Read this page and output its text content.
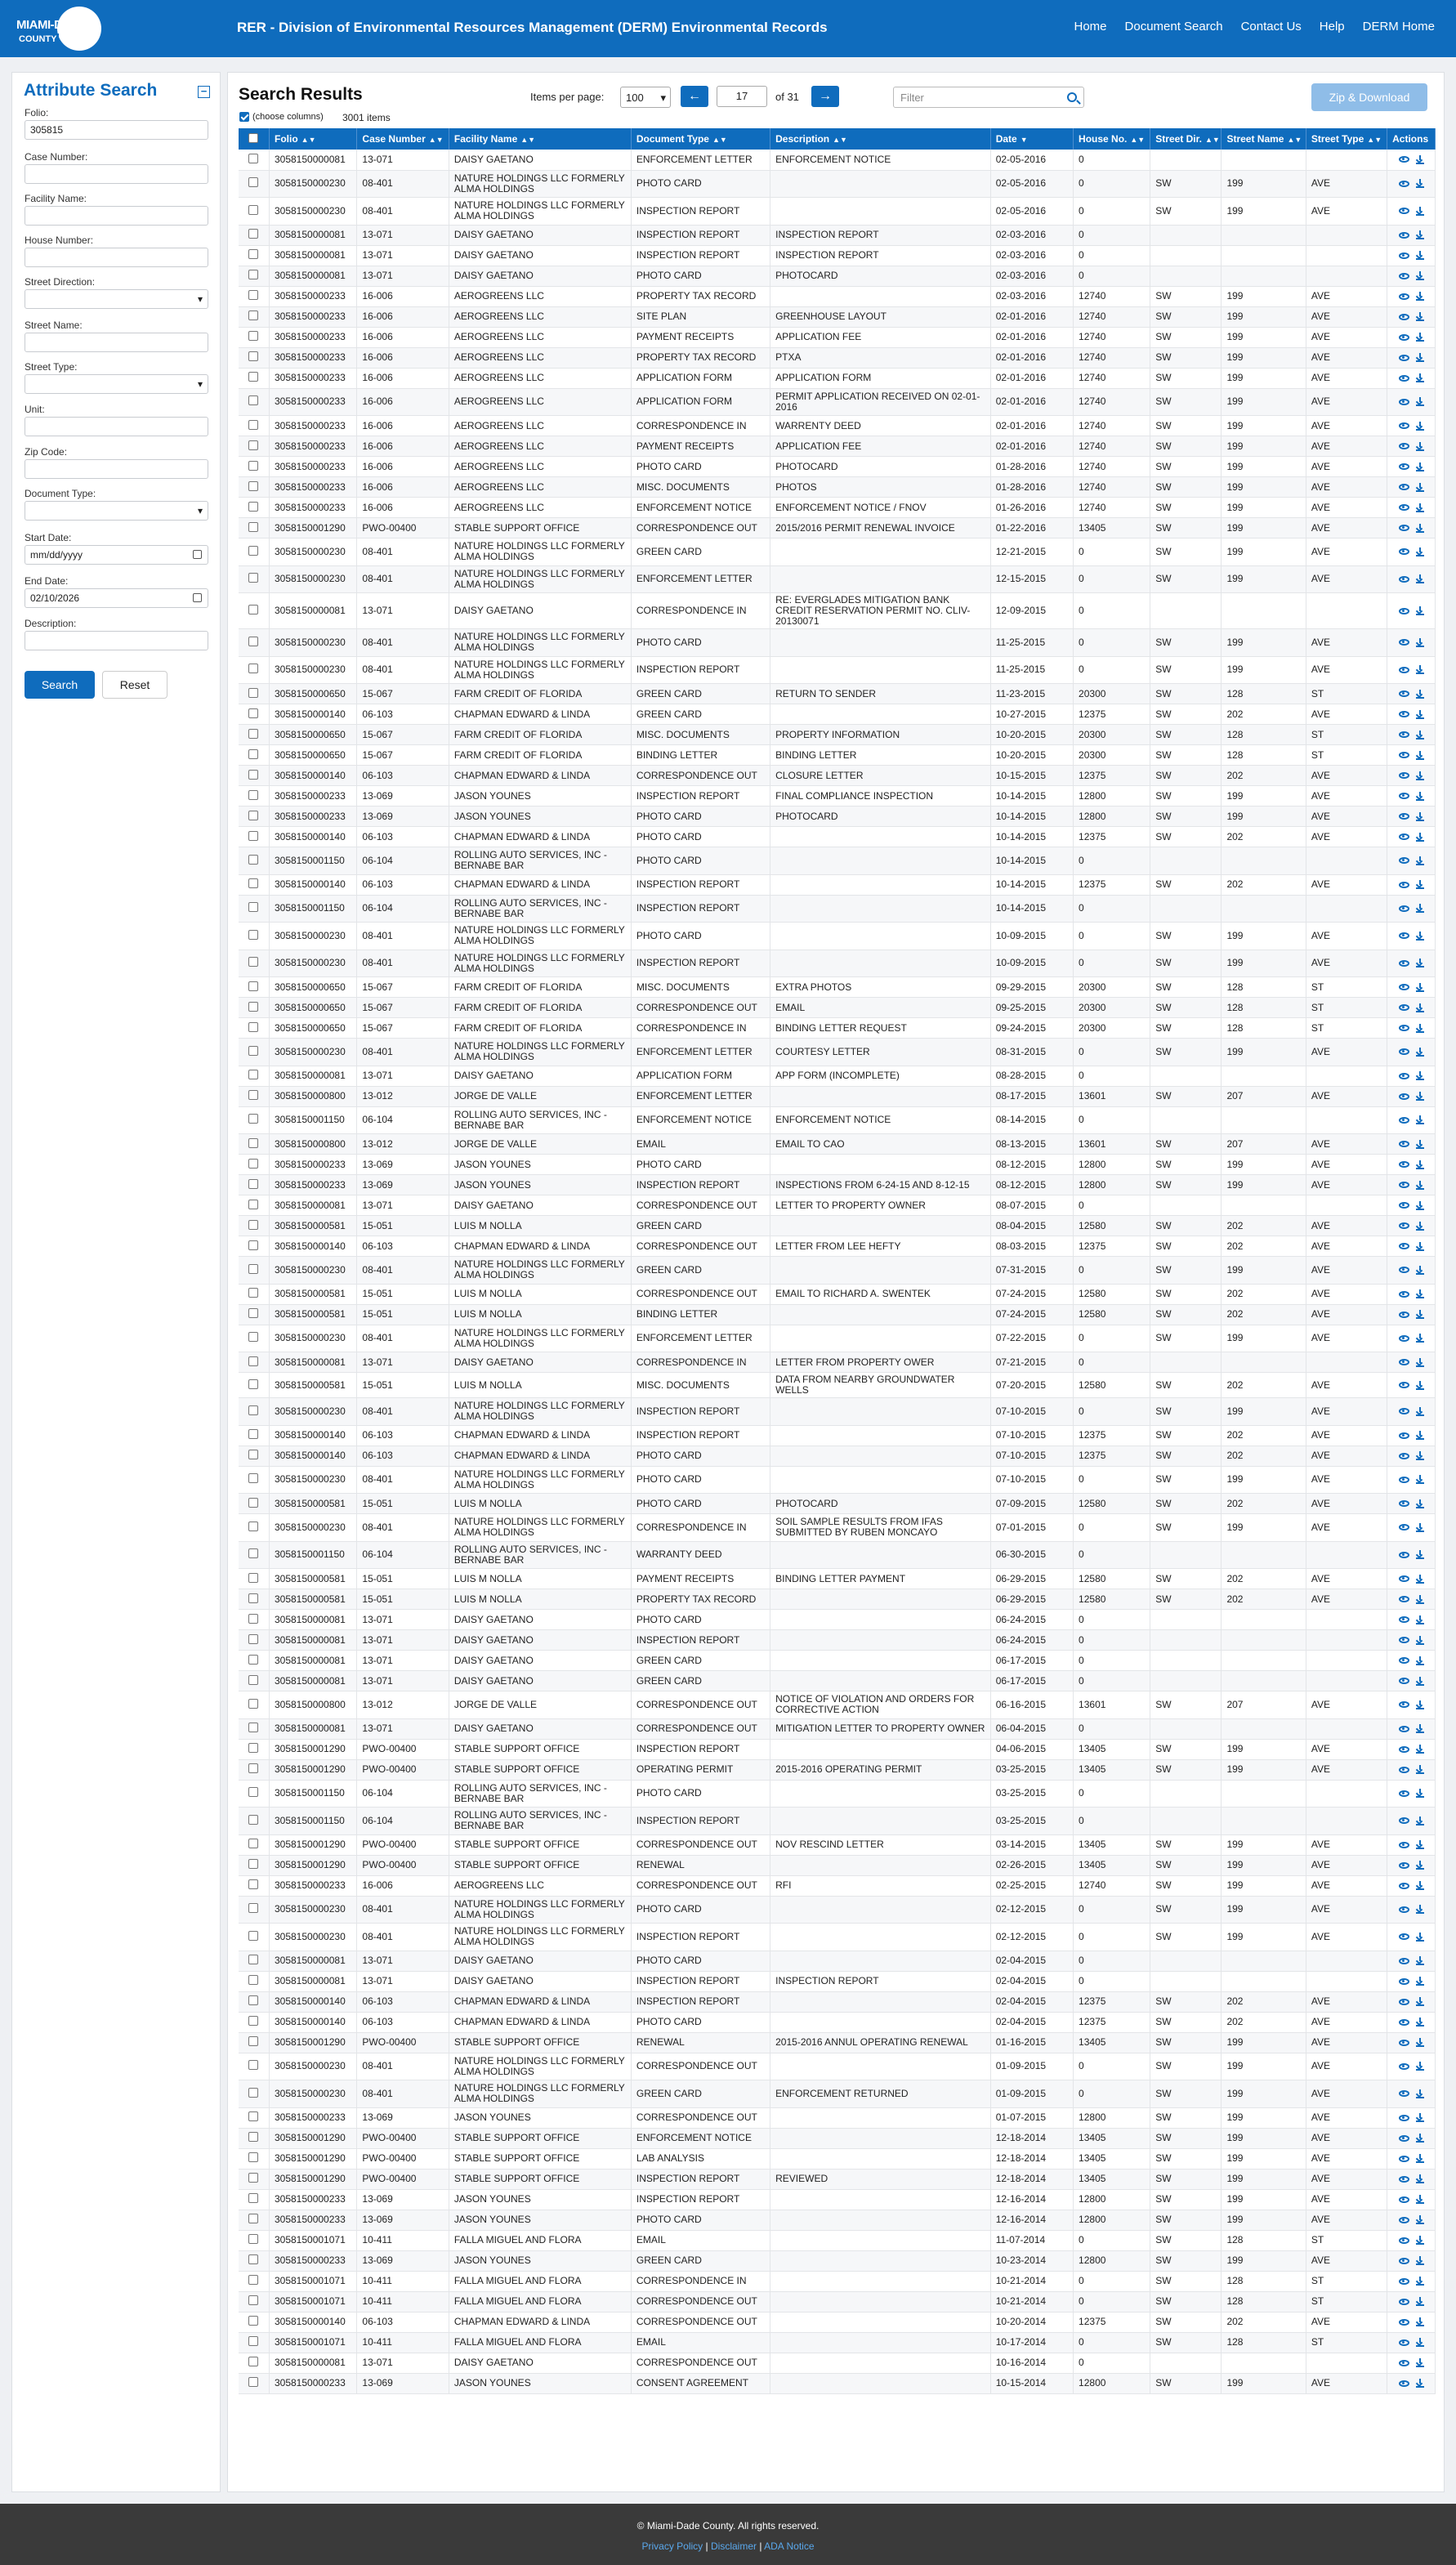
MIAMI-DADE
COUNTY
RER - Division of Environmental Resources Management (DERM) Environmental Records	Home Document Search Contact Us Help DERM Home
Attribute Search	−
Folio:
305815
Case Number:
Facility Name:
House Number:
Street Direction:
▾
Street Name:
Street Type:
▾
Unit:
Zip Code:
Document Type:
▾
Start Date:
mm/dd/yyyy
End Date:
02/10/2026
Description:
Search	Reset
Search Results
(choose columns) 3001 items
Items per page:	100 ▾	←	17	of 31	→	Filter	Zip & Download
	Folio ▲▼	Case Number ▲▼	Facility Name ▲▼	Document Type ▲▼	Description ▲▼	Date ▼	House No. ▲▼	Street Dir. ▲▼	Street Name ▲▼	Street Type ▲▼	Actions
	3058150000081	13-071	DAISY GAETANO	ENFORCEMENT LETTER	ENFORCEMENT NOTICE	02-05-2016	0				

	3058150000230	08-401	NATURE HOLDINGS LLC FORMERLY ALMA HOLDINGS	PHOTO CARD		02-05-2016	0	SW	199	AVE	

	3058150000230	08-401	NATURE HOLDINGS LLC FORMERLY ALMA HOLDINGS	INSPECTION REPORT		02-05-2016	0	SW	199	AVE	

	3058150000081	13-071	DAISY GAETANO	INSPECTION REPORT	INSPECTION REPORT	02-03-2016	0				

	3058150000081	13-071	DAISY GAETANO	INSPECTION REPORT	INSPECTION REPORT	02-03-2016	0				

	3058150000081	13-071	DAISY GAETANO	PHOTO CARD	PHOTOCARD	02-03-2016	0				

	3058150000233	16-006	AEROGREENS LLC	PROPERTY TAX RECORD		02-03-2016	12740	SW	199	AVE	

	3058150000233	16-006	AEROGREENS LLC	SITE PLAN	GREENHOUSE LAYOUT	02-01-2016	12740	SW	199	AVE	

	3058150000233	16-006	AEROGREENS LLC	PAYMENT RECEIPTS	APPLICATION FEE	02-01-2016	12740	SW	199	AVE	

	3058150000233	16-006	AEROGREENS LLC	PROPERTY TAX RECORD	PTXA	02-01-2016	12740	SW	199	AVE	

	3058150000233	16-006	AEROGREENS LLC	APPLICATION FORM	APPLICATION FORM	02-01-2016	12740	SW	199	AVE	

	3058150000233	16-006	AEROGREENS LLC	APPLICATION FORM	PERMIT APPLICATION RECEIVED ON 02-01-2016	02-01-2016	12740	SW	199	AVE	

	3058150000233	16-006	AEROGREENS LLC	CORRESPONDENCE IN	WARRENTY DEED	02-01-2016	12740	SW	199	AVE	

	3058150000233	16-006	AEROGREENS LLC	PAYMENT RECEIPTS	APPLICATION FEE	02-01-2016	12740	SW	199	AVE	

	3058150000233	16-006	AEROGREENS LLC	PHOTO CARD	PHOTOCARD	01-28-2016	12740	SW	199	AVE	

	3058150000233	16-006	AEROGREENS LLC	MISC. DOCUMENTS	PHOTOS	01-28-2016	12740	SW	199	AVE	

	3058150000233	16-006	AEROGREENS LLC	ENFORCEMENT NOTICE	ENFORCEMENT NOTICE / FNOV	01-26-2016	12740	SW	199	AVE	

	3058150001290	PWO-00400	STABLE SUPPORT OFFICE	CORRESPONDENCE OUT	2015/2016 PERMIT RENEWAL INVOICE	01-22-2016	13405	SW	199	AVE	

	3058150000230	08-401	NATURE HOLDINGS LLC FORMERLY ALMA HOLDINGS	GREEN CARD		12-21-2015	0	SW	199	AVE	

	3058150000230	08-401	NATURE HOLDINGS LLC FORMERLY ALMA HOLDINGS	ENFORCEMENT LETTER		12-15-2015	0	SW	199	AVE	

	3058150000081	13-071	DAISY GAETANO	CORRESPONDENCE IN	RE: EVERGLADES MITIGATION BANK CREDIT RESERVATION PERMIT NO. CLIV-20130071	12-09-2015	0				

	3058150000230	08-401	NATURE HOLDINGS LLC FORMERLY ALMA HOLDINGS	PHOTO CARD		11-25-2015	0	SW	199	AVE	

	3058150000230	08-401	NATURE HOLDINGS LLC FORMERLY ALMA HOLDINGS	INSPECTION REPORT		11-25-2015	0	SW	199	AVE	

	3058150000650	15-067	FARM CREDIT OF FLORIDA	GREEN CARD	RETURN TO SENDER	11-23-2015	20300	SW	128	ST	

	3058150000140	06-103	CHAPMAN EDWARD & LINDA	GREEN CARD		10-27-2015	12375	SW	202	AVE	

	3058150000650	15-067	FARM CREDIT OF FLORIDA	MISC. DOCUMENTS	PROPERTY INFORMATION	10-20-2015	20300	SW	128	ST	

	3058150000650	15-067	FARM CREDIT OF FLORIDA	BINDING LETTER	BINDING LETTER	10-20-2015	20300	SW	128	ST	

	3058150000140	06-103	CHAPMAN EDWARD & LINDA	CORRESPONDENCE OUT	CLOSURE LETTER	10-15-2015	12375	SW	202	AVE	

	3058150000233	13-069	JASON YOUNES	INSPECTION REPORT	FINAL COMPLIANCE INSPECTION	10-14-2015	12800	SW	199	AVE	

	3058150000233	13-069	JASON YOUNES	PHOTO CARD	PHOTOCARD	10-14-2015	12800	SW	199	AVE	

	3058150000140	06-103	CHAPMAN EDWARD & LINDA	PHOTO CARD		10-14-2015	12375	SW	202	AVE	

	3058150001150	06-104	ROLLING AUTO SERVICES, INC - BERNABE BAR	PHOTO CARD		10-14-2015	0				

	3058150000140	06-103	CHAPMAN EDWARD & LINDA	INSPECTION REPORT		10-14-2015	12375	SW	202	AVE	

	3058150001150	06-104	ROLLING AUTO SERVICES, INC - BERNABE BAR	INSPECTION REPORT		10-14-2015	0				

	3058150000230	08-401	NATURE HOLDINGS LLC FORMERLY ALMA HOLDINGS	PHOTO CARD		10-09-2015	0	SW	199	AVE	

	3058150000230	08-401	NATURE HOLDINGS LLC FORMERLY ALMA HOLDINGS	INSPECTION REPORT		10-09-2015	0	SW	199	AVE	

	3058150000650	15-067	FARM CREDIT OF FLORIDA	MISC. DOCUMENTS	EXTRA PHOTOS	09-29-2015	20300	SW	128	ST	

	3058150000650	15-067	FARM CREDIT OF FLORIDA	CORRESPONDENCE OUT	EMAIL	09-25-2015	20300	SW	128	ST	

	3058150000650	15-067	FARM CREDIT OF FLORIDA	CORRESPONDENCE IN	BINDING LETTER REQUEST	09-24-2015	20300	SW	128	ST	

	3058150000230	08-401	NATURE HOLDINGS LLC FORMERLY ALMA HOLDINGS	ENFORCEMENT LETTER	COURTESY LETTER	08-31-2015	0	SW	199	AVE	

	3058150000081	13-071	DAISY GAETANO	APPLICATION FORM	APP FORM (INCOMPLETE)	08-28-2015	0				

	3058150000800	13-012	JORGE DE VALLE	ENFORCEMENT LETTER		08-17-2015	13601	SW	207	AVE	

	3058150001150	06-104	ROLLING AUTO SERVICES, INC - BERNABE BAR	ENFORCEMENT NOTICE	ENFORCEMENT NOTICE	08-14-2015	0				

	3058150000800	13-012	JORGE DE VALLE	EMAIL	EMAIL TO CAO	08-13-2015	13601	SW	207	AVE	

	3058150000233	13-069	JASON YOUNES	PHOTO CARD		08-12-2015	12800	SW	199	AVE	

	3058150000233	13-069	JASON YOUNES	INSPECTION REPORT	INSPECTIONS FROM 6-24-15 AND 8-12-15	08-12-2015	12800	SW	199	AVE	

	3058150000081	13-071	DAISY GAETANO	CORRESPONDENCE OUT	LETTER TO PROPERTY OWNER	08-07-2015	0				

	3058150000581	15-051	LUIS M NOLLA	GREEN CARD		08-04-2015	12580	SW	202	AVE	

	3058150000140	06-103	CHAPMAN EDWARD & LINDA	CORRESPONDENCE OUT	LETTER FROM LEE HEFTY	08-03-2015	12375	SW	202	AVE	

	3058150000230	08-401	NATURE HOLDINGS LLC FORMERLY ALMA HOLDINGS	GREEN CARD		07-31-2015	0	SW	199	AVE	

	3058150000581	15-051	LUIS M NOLLA	CORRESPONDENCE OUT	EMAIL TO RICHARD A. SWENTEK	07-24-2015	12580	SW	202	AVE	

	3058150000581	15-051	LUIS M NOLLA	BINDING LETTER		07-24-2015	12580	SW	202	AVE	

	3058150000230	08-401	NATURE HOLDINGS LLC FORMERLY ALMA HOLDINGS	ENFORCEMENT LETTER		07-22-2015	0	SW	199	AVE	

	3058150000081	13-071	DAISY GAETANO	CORRESPONDENCE IN	LETTER FROM PROPERTY OWER	07-21-2015	0				

	3058150000581	15-051	LUIS M NOLLA	MISC. DOCUMENTS	DATA FROM NEARBY GROUNDWATER WELLS	07-20-2015	12580	SW	202	AVE	

	3058150000230	08-401	NATURE HOLDINGS LLC FORMERLY ALMA HOLDINGS	INSPECTION REPORT		07-10-2015	0	SW	199	AVE	

	3058150000140	06-103	CHAPMAN EDWARD & LINDA	INSPECTION REPORT		07-10-2015	12375	SW	202	AVE	

	3058150000140	06-103	CHAPMAN EDWARD & LINDA	PHOTO CARD		07-10-2015	12375	SW	202	AVE	

	3058150000230	08-401	NATURE HOLDINGS LLC FORMERLY ALMA HOLDINGS	PHOTO CARD		07-10-2015	0	SW	199	AVE	

	3058150000581	15-051	LUIS M NOLLA	PHOTO CARD	PHOTOCARD	07-09-2015	12580	SW	202	AVE	

	3058150000230	08-401	NATURE HOLDINGS LLC FORMERLY ALMA HOLDINGS	CORRESPONDENCE IN	SOIL SAMPLE RESULTS FROM IFAS SUBMITTED BY RUBEN MONCAYO	07-01-2015	0	SW	199	AVE	

	3058150001150	06-104	ROLLING AUTO SERVICES, INC - BERNABE BAR	WARRANTY DEED		06-30-2015	0				

	3058150000581	15-051	LUIS M NOLLA	PAYMENT RECEIPTS	BINDING LETTER PAYMENT	06-29-2015	12580	SW	202	AVE	

	3058150000581	15-051	LUIS M NOLLA	PROPERTY TAX RECORD		06-29-2015	12580	SW	202	AVE	

	3058150000081	13-071	DAISY GAETANO	PHOTO CARD		06-24-2015	0				

	3058150000081	13-071	DAISY GAETANO	INSPECTION REPORT		06-24-2015	0				

	3058150000081	13-071	DAISY GAETANO	GREEN CARD		06-17-2015	0				

	3058150000081	13-071	DAISY GAETANO	GREEN CARD		06-17-2015	0				

	3058150000800	13-012	JORGE DE VALLE	CORRESPONDENCE OUT	NOTICE OF VIOLATION AND ORDERS FOR CORRECTIVE ACTION	06-16-2015	13601	SW	207	AVE	

	3058150000081	13-071	DAISY GAETANO	CORRESPONDENCE OUT	MITIGATION LETTER TO PROPERTY OWNER	06-04-2015	0				

	3058150001290	PWO-00400	STABLE SUPPORT OFFICE	INSPECTION REPORT		04-06-2015	13405	SW	199	AVE	

	3058150001290	PWO-00400	STABLE SUPPORT OFFICE	OPERATING PERMIT	2015-2016 OPERATING PERMIT	03-25-2015	13405	SW	199	AVE	

	3058150001150	06-104	ROLLING AUTO SERVICES, INC - BERNABE BAR	PHOTO CARD		03-25-2015	0				

	3058150001150	06-104	ROLLING AUTO SERVICES, INC - BERNABE BAR	INSPECTION REPORT		03-25-2015	0				

	3058150001290	PWO-00400	STABLE SUPPORT OFFICE	CORRESPONDENCE OUT	NOV RESCIND LETTER	03-14-2015	13405	SW	199	AVE	

	3058150001290	PWO-00400	STABLE SUPPORT OFFICE	RENEWAL		02-26-2015	13405	SW	199	AVE	

	3058150000233	16-006	AEROGREENS LLC	CORRESPONDENCE OUT	RFI	02-25-2015	12740	SW	199	AVE	

	3058150000230	08-401	NATURE HOLDINGS LLC FORMERLY ALMA HOLDINGS	PHOTO CARD		02-12-2015	0	SW	199	AVE	

	3058150000230	08-401	NATURE HOLDINGS LLC FORMERLY ALMA HOLDINGS	INSPECTION REPORT		02-12-2015	0	SW	199	AVE	

	3058150000081	13-071	DAISY GAETANO	PHOTO CARD		02-04-2015	0				

	3058150000081	13-071	DAISY GAETANO	INSPECTION REPORT	INSPECTION REPORT	02-04-2015	0				

	3058150000140	06-103	CHAPMAN EDWARD & LINDA	INSPECTION REPORT		02-04-2015	12375	SW	202	AVE	

	3058150000140	06-103	CHAPMAN EDWARD & LINDA	PHOTO CARD		02-04-2015	12375	SW	202	AVE	

	3058150001290	PWO-00400	STABLE SUPPORT OFFICE	RENEWAL	2015-2016 ANNUL OPERATING RENEWAL	01-16-2015	13405	SW	199	AVE	

	3058150000230	08-401	NATURE HOLDINGS LLC FORMERLY ALMA HOLDINGS	CORRESPONDENCE OUT		01-09-2015	0	SW	199	AVE	

	3058150000230	08-401	NATURE HOLDINGS LLC FORMERLY ALMA HOLDINGS	GREEN CARD	ENFORCEMENT RETURNED	01-09-2015	0	SW	199	AVE	

	3058150000233	13-069	JASON YOUNES	CORRESPONDENCE OUT		01-07-2015	12800	SW	199	AVE	

	3058150001290	PWO-00400	STABLE SUPPORT OFFICE	ENFORCEMENT NOTICE		12-18-2014	13405	SW	199	AVE	

	3058150001290	PWO-00400	STABLE SUPPORT OFFICE	LAB ANALYSIS		12-18-2014	13405	SW	199	AVE	

	3058150001290	PWO-00400	STABLE SUPPORT OFFICE	INSPECTION REPORT	REVIEWED	12-18-2014	13405	SW	199	AVE	

	3058150000233	13-069	JASON YOUNES	INSPECTION REPORT		12-16-2014	12800	SW	199	AVE	

	3058150000233	13-069	JASON YOUNES	PHOTO CARD		12-16-2014	12800	SW	199	AVE	

	3058150001071	10-411	FALLA MIGUEL AND FLORA	EMAIL		11-07-2014	0	SW	128	ST	

	3058150000233	13-069	JASON YOUNES	GREEN CARD		10-23-2014	12800	SW	199	AVE	

	3058150001071	10-411	FALLA MIGUEL AND FLORA	CORRESPONDENCE IN		10-21-2014	0	SW	128	ST	

	3058150001071	10-411	FALLA MIGUEL AND FLORA	CORRESPONDENCE OUT		10-21-2014	0	SW	128	ST	

	3058150000140	06-103	CHAPMAN EDWARD & LINDA	CORRESPONDENCE OUT		10-20-2014	12375	SW	202	AVE	

	3058150001071	10-411	FALLA MIGUEL AND FLORA	EMAIL		10-17-2014	0	SW	128	ST	

	3058150000081	13-071	DAISY GAETANO	CORRESPONDENCE OUT		10-16-2014	0				

	3058150000233	13-069	JASON YOUNES	CONSENT AGREEMENT		10-15-2014	12800	SW	199	AVE	
© Miami-Dade County. All rights reserved.
Privacy Policy | Disclaimer | ADA Notice
